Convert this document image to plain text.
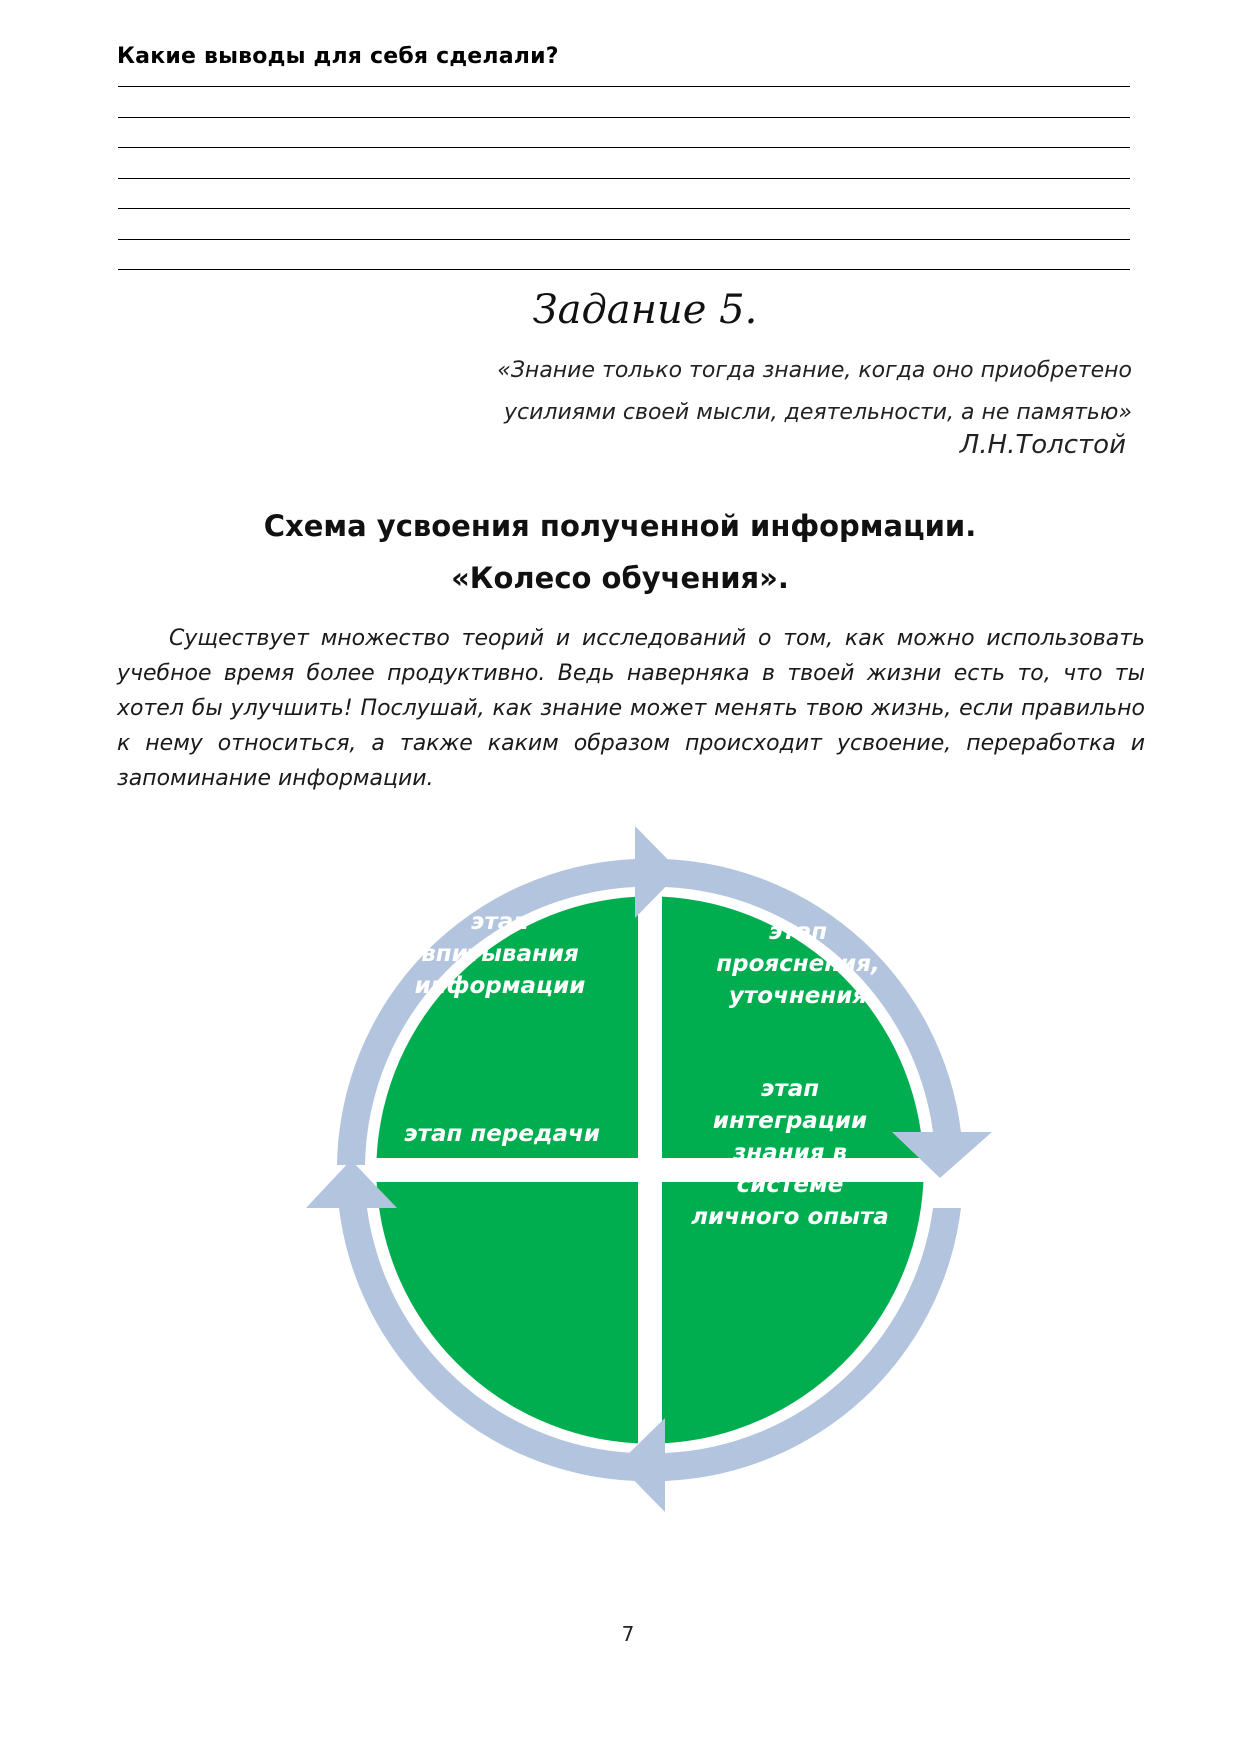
Какие выводы для себя сделали?
Задание 5.
«Знание только тогда знание, когда оно приобретено
усилиями своей мысли, деятельности, а не памятью»
Л.Н.Толстой
Схема усвоения полученной информации.
«Колесо обучения».
Существует множество теорий и исследований о том, как можно использовать учебное время более продуктивно. Ведь наверняка в твоей жизни есть то, что ты хотел бы улучшить! Послушай, как знание может менять твою жизнь, если правильно к нему относиться, а также каким образом происходит усвоение, переработка и запоминание информации.
этап
впитывания
информации
этап
прояснения,
уточнения
этап
интеграции
знания в
системе
личного опыта
этап передачи
знания
7
